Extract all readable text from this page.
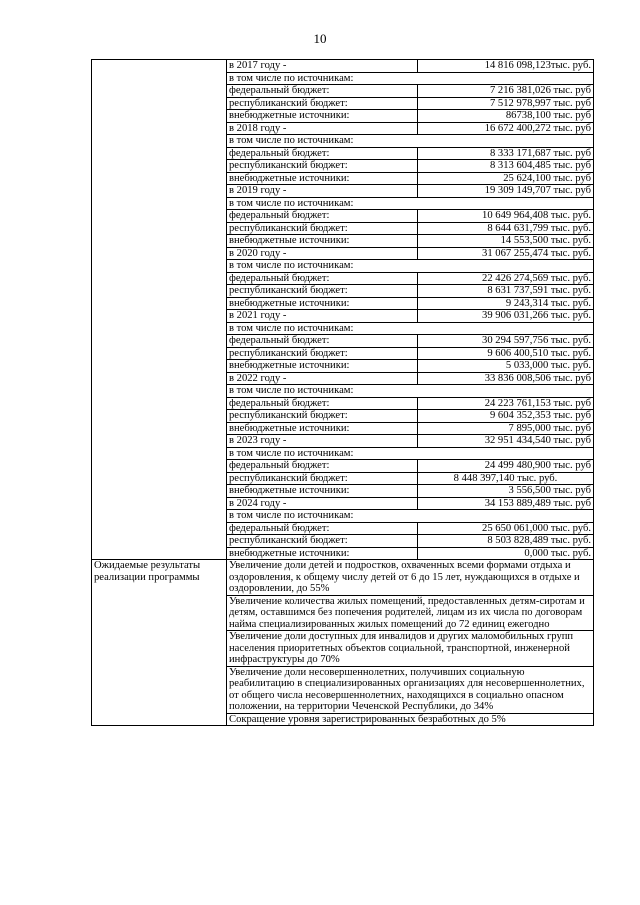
10
	в 2017 году -	14 816 098,123тыс. руб.
	в том числе по источникам:	
	федеральный бюджет:	7 216 381,026 тыс. руб
	республиканский бюджет:	7 512 978,997 тыс. руб
	внебюджетные источники:	86738,100 тыс. руб
	в 2018 году -	16 672 400,272 тыс. руб
	в том числе по источникам:	
	федеральный бюджет:	8 333 171,687 тыс. руб
	республиканский бюджет:	8 313 604,485 тыс. руб
	внебюджетные источники:	25 624,100 тыс. руб
	в 2019 году -	19 309 149,707 тыс. руб
	в том числе по источникам:	
	федеральный бюджет:	10 649 964,408 тыс. руб.
	республиканский бюджет:	8 644 631,799 тыс. руб.
	внебюджетные источники:	14 553,500 тыс. руб.
	в 2020 году -	31 067 255,474 тыс. руб.
	в том числе по источникам:	
	федеральный бюджет:	22 426 274,569 тыс. руб.
	республиканский бюджет:	8 631 737,591 тыс. руб.
	внебюджетные источники:	9 243,314 тыс. руб.
	в 2021 году -	39 906 031,266 тыс. руб.
	в том числе по источникам:	
	федеральный бюджет:	30 294 597,756 тыс. руб.
	республиканский бюджет:	9 606 400,510 тыс. руб.
	внебюджетные источники:	5 033,000 тыс. руб.
	в 2022 году -	33 836 008,506 тыс. руб
	в том числе по источникам:	
	федеральный бюджет:	24 223 761,153 тыс. руб
	республиканский бюджет:	9 604 352,353 тыс. руб
	внебюджетные источники:	7 895,000 тыс. руб
	в 2023 году -	32 951 434,540 тыс. руб
	в том числе по источникам:	
	федеральный бюджет:	24 499 480,900 тыс. руб
	республиканский бюджет:	8 448 397,140 тыс. руб.
	внебюджетные источники:	3 556,500 тыс. руб
	в 2024 году -	34 153 889,489 тыс. руб
	в том числе по источникам:	
	федеральный бюджет:	25 650 061,000 тыс. руб.
	республиканский бюджет:	8 503 828,489 тыс. руб.
	внебюджетные источники:	0,000 тыс. руб.
Ожидаемые результаты реализации программы	Увеличение доли детей и подростков, охваченных всеми формами отдыха и оздоровления, к общему числу детей от 6 до 15 лет, нуждающихся в отдыхе и оздоровлении, до 55%	
	Увеличение количества жилых помещений, предоставленных детям-сиротам и детям, оставшимся без попечения родителей, лицам из их числа по договорам найма специализированных жилых помещений до 72 единиц ежегодно	
	Увеличение доли доступных для инвалидов и других маломобильных групп населения приоритетных объектов социальной, транспортной, инженерной инфраструктуры до 70%	
	Увеличение доли несовершеннолетних, получивших социальную реабилитацию в специализированных организациях для несовершеннолетних, от общего числа несовершеннолетних, находящихся в социально опасном положении, на территории Чеченской Республики, до 34%	
	Сокращение уровня зарегистрированных безработных до 5%	
